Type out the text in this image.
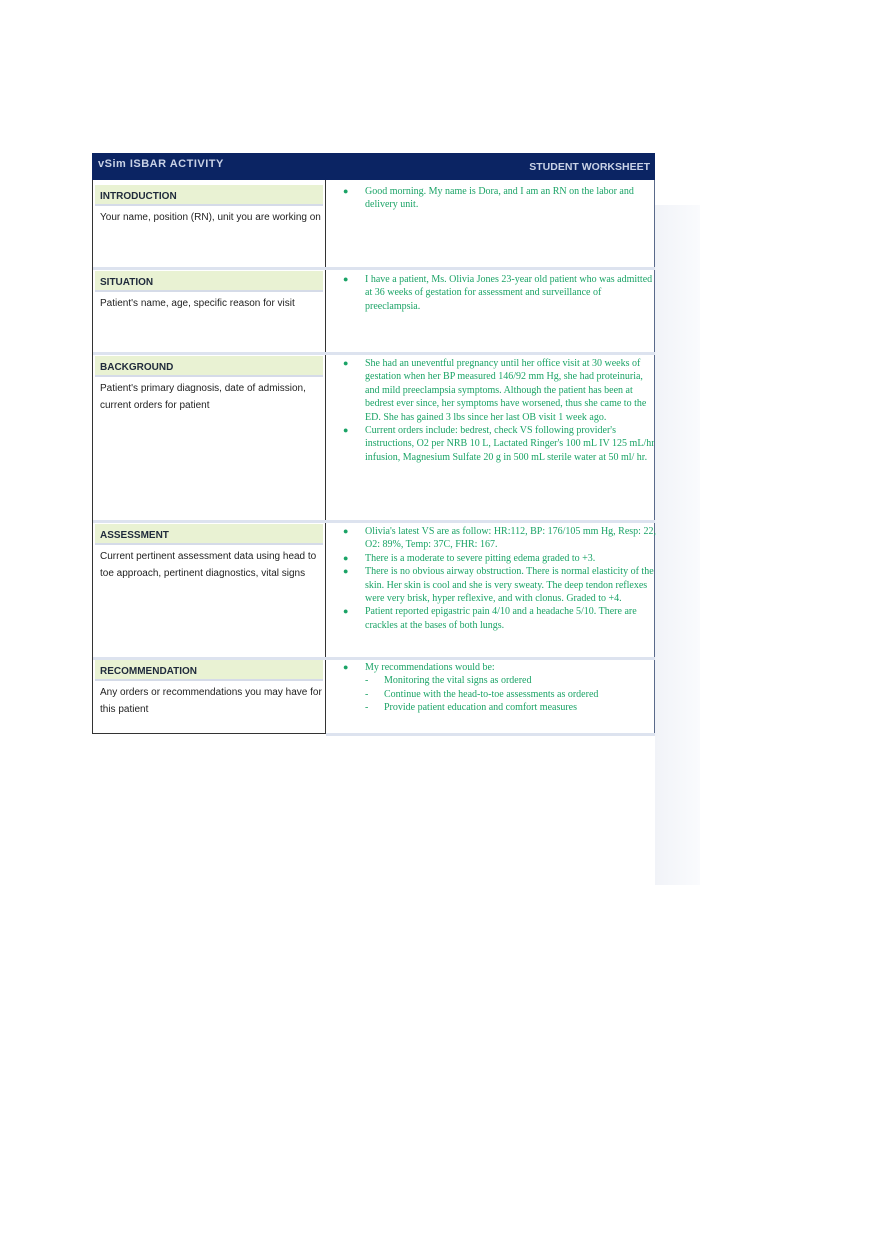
vSim ISBAR ACTIVITY	STUDENT WORKSHEET
INTRODUCTION
Your name, position (RN), unit you are working on
● Good morning. My name is Dora, and I am an RN on the labor and delivery unit.
SITUATION
Patient's name, age, specific reason for visit
● I have a patient, Ms. Olivia Jones 23-year old patient who was admitted at 36 weeks of gestation for assessment and surveillance of preeclampsia.
BACKGROUND
Patient's primary diagnosis, date of admission, current orders for patient
● She had an uneventful pregnancy until her office visit at 30 weeks of gestation when her BP measured 146/92 mm Hg, she had proteinuria, and mild preeclampsia symptoms. Although the patient has been at bedrest ever since, her symptoms have worsened, thus she came to the ED. She has gained 3 lbs since her last OB visit 1 week ago.
● Current orders include: bedrest, check VS following provider's instructions, O2 per NRB 10 L, Lactated Ringer's 100 mL IV 125 mL/hr infusion, Magnesium Sulfate 20 g in 500 mL sterile water at 50 ml/ hr.
ASSESSMENT
Current pertinent assessment data using head to toe approach, pertinent diagnostics, vital signs
● Olivia's latest VS are as follow: HR:112, BP: 176/105 mm Hg, Resp: 22, O2: 89%, Temp: 37C, FHR: 167.
● There is a moderate to severe pitting edema graded to +3.
● There is no obvious airway obstruction. There is normal elasticity of the skin. Her skin is cool and she is very sweaty. The deep tendon reflexes were very brisk, hyper reflexive, and with clonus. Graded to +4.
● Patient reported epigastric pain 4/10 and a headache 5/10. There are crackles at the bases of both lungs.
RECOMMENDATION
Any orders or recommendations you may have for this patient
● My recommendations would be:
- Monitoring the vital signs as ordered
- Continue with the head-to-toe assessments as ordered
- Provide patient education and comfort measures
